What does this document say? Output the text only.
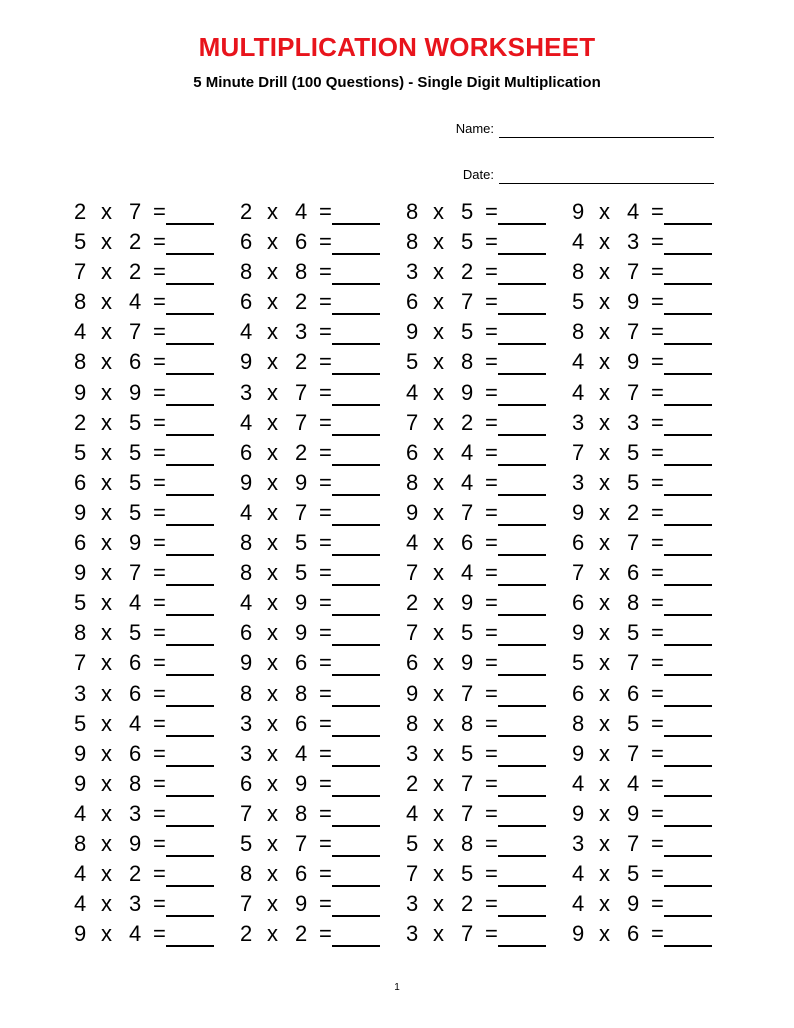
MULTIPLICATION WORKSHEET
5 Minute Drill (100 Questions) - Single Digit Multiplication
Name:
Date:
2 x 7 =
5 x 2 =
7 x 2 =
8 x 4 =
4 x 7 =
8 x 6 =
9 x 9 =
2 x 5 =
5 x 5 =
6 x 5 =
9 x 5 =
6 x 9 =
9 x 7 =
5 x 4 =
8 x 5 =
7 x 6 =
3 x 6 =
5 x 4 =
9 x 6 =
9 x 8 =
4 x 3 =
8 x 9 =
4 x 2 =
4 x 3 =
9 x 4 =
2 x 4 =
6 x 6 =
8 x 8 =
6 x 2 =
4 x 3 =
9 x 2 =
3 x 7 =
4 x 7 =
6 x 2 =
9 x 9 =
4 x 7 =
8 x 5 =
8 x 5 =
4 x 9 =
6 x 9 =
9 x 6 =
8 x 8 =
3 x 6 =
3 x 4 =
6 x 9 =
7 x 8 =
5 x 7 =
8 x 6 =
7 x 9 =
2 x 2 =
8 x 5 =
8 x 5 =
3 x 2 =
6 x 7 =
9 x 5 =
5 x 8 =
4 x 9 =
7 x 2 =
6 x 4 =
8 x 4 =
9 x 7 =
4 x 6 =
7 x 4 =
2 x 9 =
7 x 5 =
6 x 9 =
9 x 7 =
8 x 8 =
3 x 5 =
2 x 7 =
4 x 7 =
5 x 8 =
7 x 5 =
3 x 2 =
3 x 7 =
9 x 4 =
4 x 3 =
8 x 7 =
5 x 9 =
8 x 7 =
4 x 9 =
4 x 7 =
3 x 3 =
7 x 5 =
3 x 5 =
9 x 2 =
6 x 7 =
7 x 6 =
6 x 8 =
9 x 5 =
5 x 7 =
6 x 6 =
8 x 5 =
9 x 7 =
4 x 4 =
9 x 9 =
3 x 7 =
4 x 5 =
4 x 9 =
9 x 6 =
1
